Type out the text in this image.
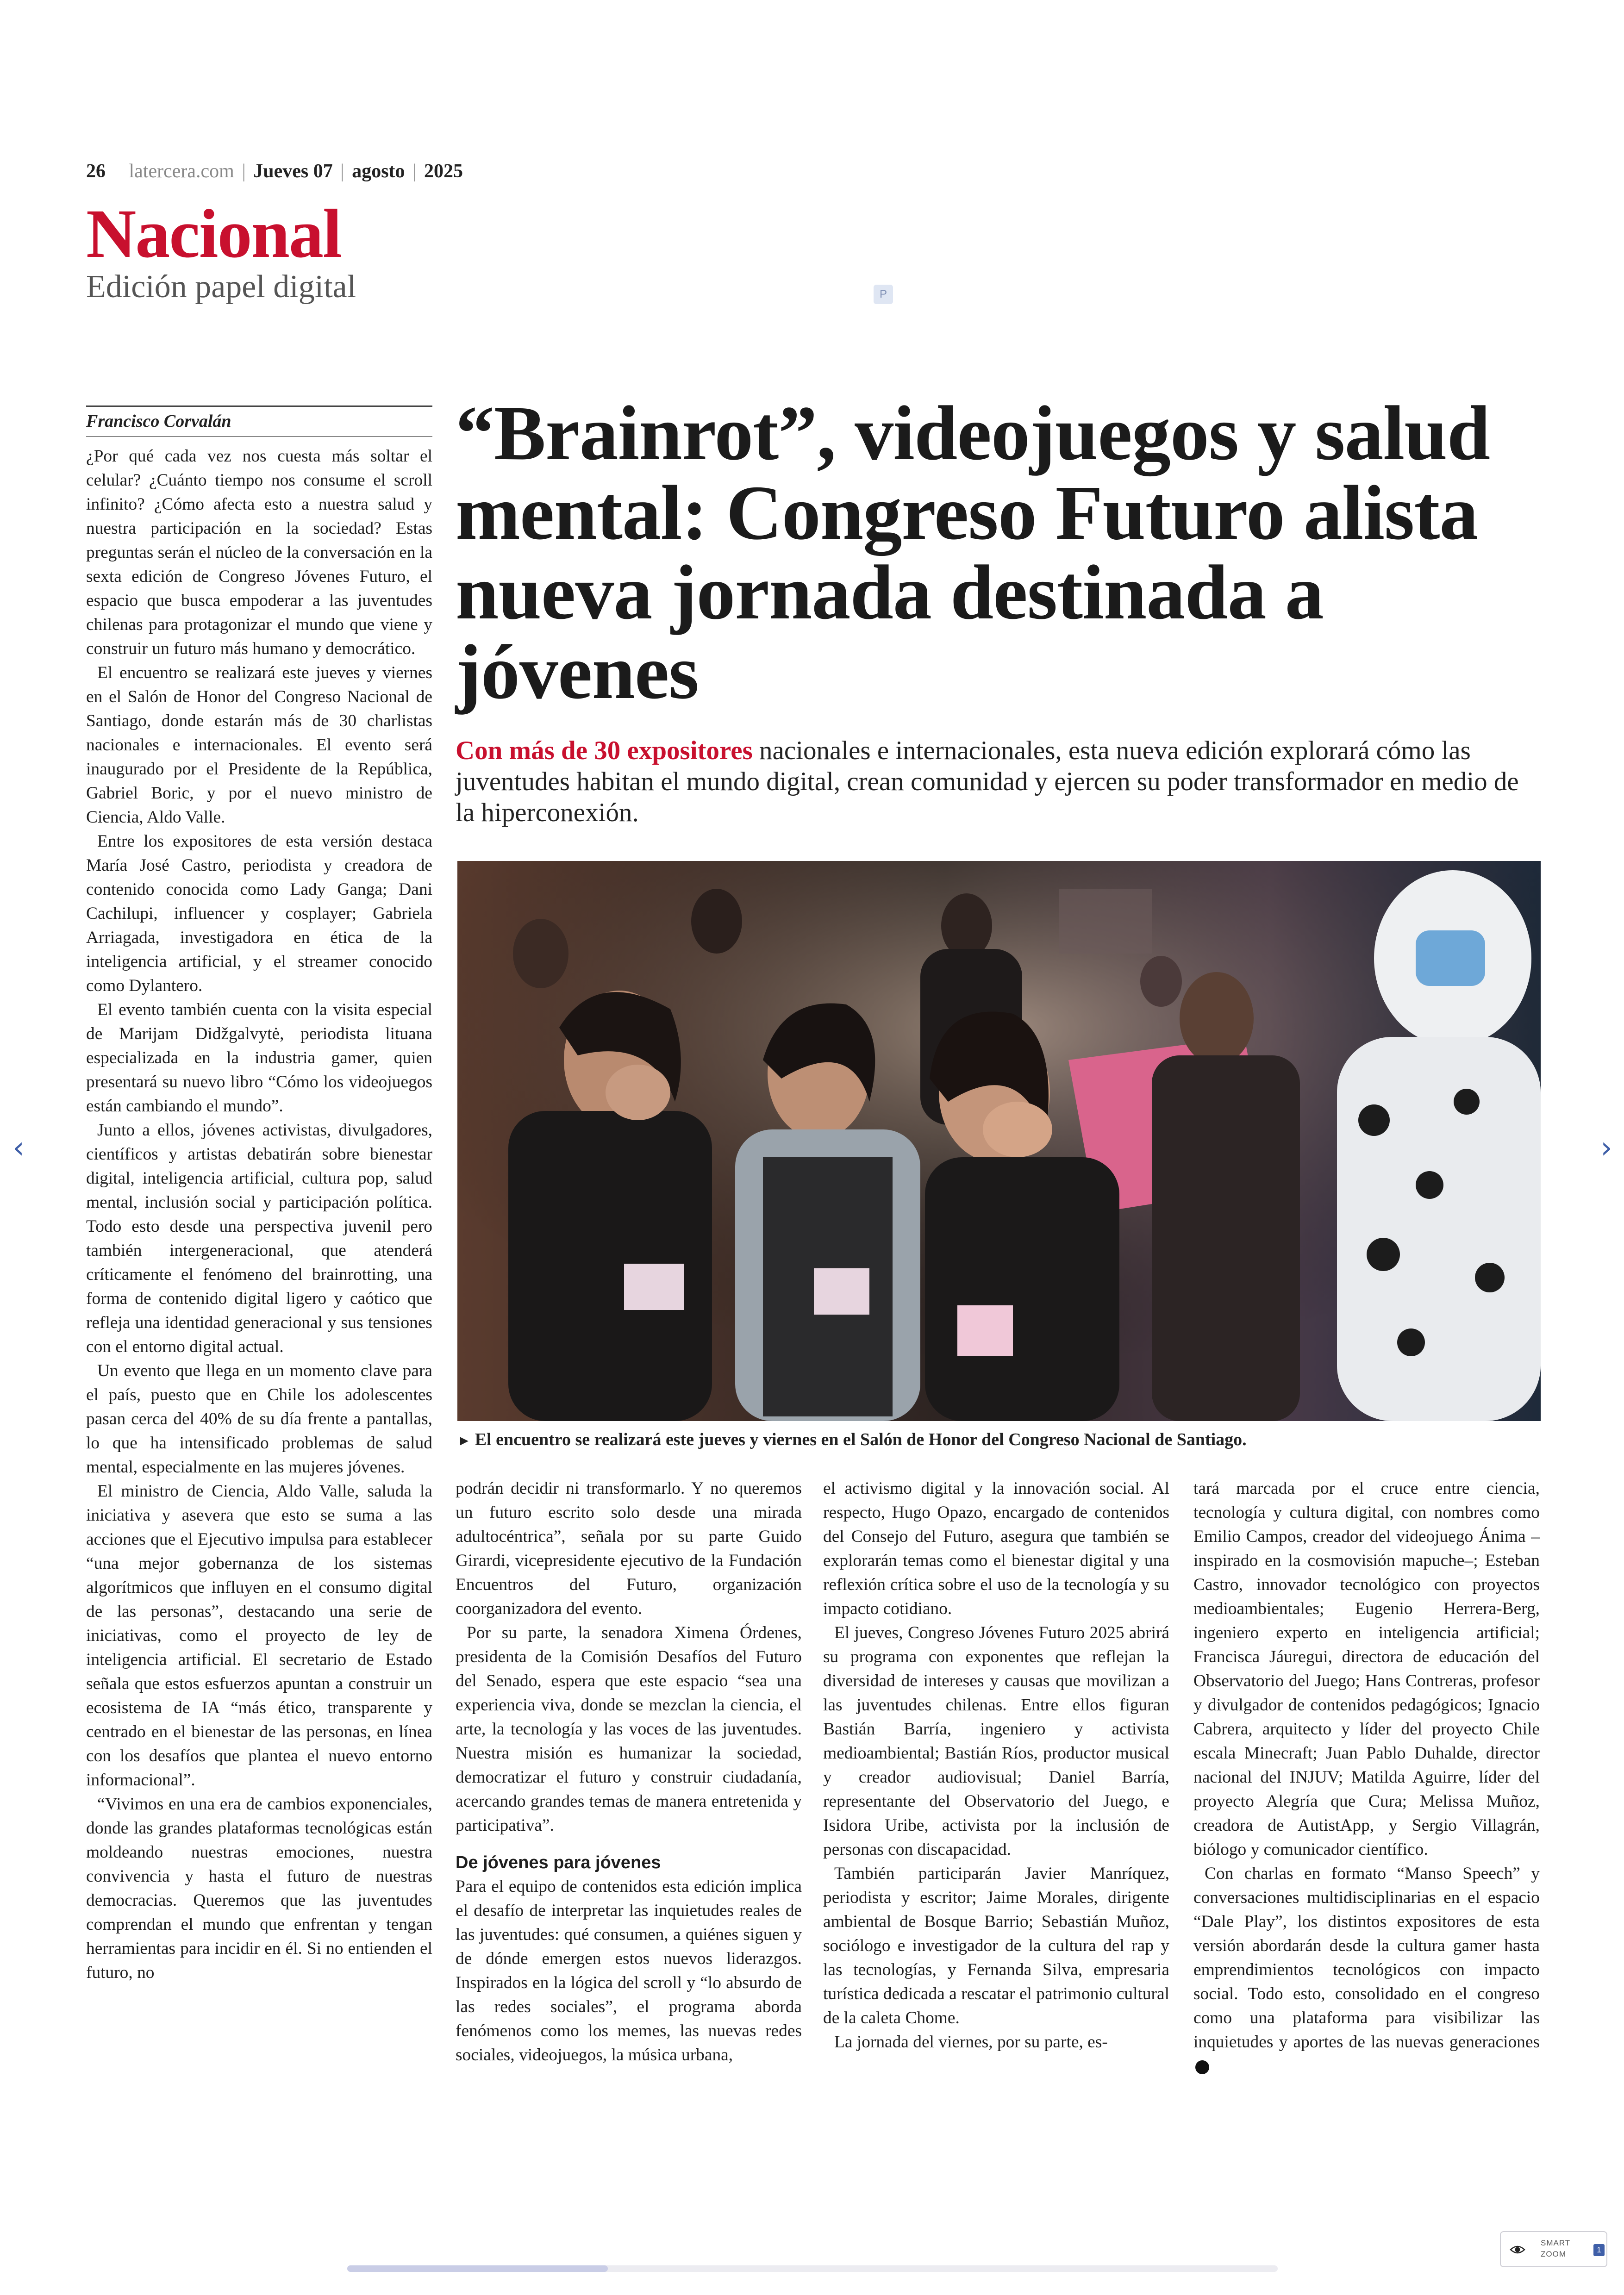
26 latercera.com | Jueves 07 | agosto | 2025
Nacional
Edición papel digital	P
Francisco Corvalán	“Brainrot”, videojuegos y salud mental: Congreso Futuro alista nueva jornada destinada a jóvenes
Con más de 30 expositores nacionales e internacionales, esta nueva edición explorará cómo las juventudes habitan el mundo digital, crean comunidad y ejercen su poder transformador en medio de la hiperconexión.
► El encuentro se realizará este jueves y viernes en el Salón de Honor del Congreso Nacional de Santiago.

¿Por qué cada vez nos cuesta más soltar el celular? ¿Cuánto tiempo nos consume el scroll infinito? ¿Cómo afecta esto a nuestra salud y nuestra participación en la sociedad? Estas preguntas serán el núcleo de la conversación en la sexta edición de Congreso Jóvenes Futuro, el espacio que busca empoderar a las juventudes chilenas para protagonizar el mundo que viene y construir un futuro más humano y democrático.

El encuentro se realizará este jueves y viernes en el Salón de Honor del Congreso Nacional de Santiago, donde estarán más de 30 charlistas nacionales e internacionales. El evento será inaugurado por el Presidente de la República, Gabriel Boric, y por el nuevo ministro de Ciencia, Aldo Valle.

Entre los expositores de esta versión destaca María José Castro, periodista y creadora de contenido conocida como Lady Ganga; Dani Cachilupi, influencer y cosplayer; Gabriela Arriagada, investigadora en ética de la inteligencia artificial, y el streamer conocido como Dylantero.

El evento también cuenta con la visita especial de Marijam Didžgalvytė, periodista lituana especializada en la industria gamer, quien presentará su nuevo libro “Cómo los videojuegos están cambiando el mundo”.

Junto a ellos, jóvenes activistas, divulgadores, científicos y artistas debatirán sobre bienestar digital, inteligencia artificial, cultura pop, salud mental, inclusión social y participación política. Todo esto desde una perspectiva juvenil pero también intergeneracional, que atenderá críticamente el fenómeno del brainrotting, una forma de contenido digital ligero y caótico que refleja una identidad generacional y sus tensiones con el entorno digital actual.

Un evento que llega en un momento clave para el país, puesto que en Chile los adolescentes pasan cerca del 40% de su día frente a pantallas, lo que ha intensificado problemas de salud mental, especialmente en las mujeres jóvenes.

El ministro de Ciencia, Aldo Valle, saluda la iniciativa y asevera que esto se suma a las acciones que el Ejecutivo impulsa para establecer “una mejor gobernanza de los sistemas algorítmicos que influyen en el consumo digital de las personas”, destacando una serie de iniciativas, como el proyecto de ley de inteligencia artificial. El secretario de Estado señala que estos esfuerzos apuntan a construir un ecosistema de IA “más ético, transparente y centrado en el bienestar de las personas, en línea con los desafíos que plantea el nuevo entorno informacional”.

“Vivimos en una era de cambios exponenciales, donde las grandes plataformas tecnológicas están moldeando nuestras emociones, nuestra convivencia y hasta el futuro de nuestras democracias. Queremos que las juventudes comprendan el mundo que enfrentan y tengan herramientas para incidir en él. Si no entienden el futuro, no

podrán decidir ni transformarlo. Y no queremos un futuro escrito solo desde una mirada adultocéntrica”, señala por su parte Guido Girardi, vicepresidente ejecutivo de la Fundación Encuentros del Futuro, organización coorganizadora del evento.

Por su parte, la senadora Ximena Órdenes, presidenta de la Comisión Desafíos del Futuro del Senado, espera que este espacio “sea una experiencia viva, donde se mezclan la ciencia, el arte, la tecnología y las voces de las juventudes. Nuestra misión es humanizar la sociedad, democratizar el futuro y construir ciudadanía, acercando grandes temas de manera entretenida y participativa”.

De jóvenes para jóvenes

Para el equipo de contenidos esta edición implica el desafío de interpretar las inquietudes reales de las juventudes: qué consumen, a quiénes siguen y de dónde emergen estos nuevos liderazgos. Inspirados en la lógica del scroll y “lo absurdo de las redes sociales”, el programa aborda fenómenos como los memes, las nuevas redes sociales, videojuegos, la música urbana,

el activismo digital y la innovación social. Al respecto, Hugo Opazo, encargado de contenidos del Consejo del Futuro, asegura que también se explorarán temas como el bienestar digital y una reflexión crítica sobre el uso de la tecnología y su impacto cotidiano.

El jueves, Congreso Jóvenes Futuro 2025 abrirá su programa con exponentes que reflejan la diversidad de intereses y causas que movilizan a las juventudes chilenas. Entre ellos figuran Bastián Barría, ingeniero y activista medioambiental; Bastián Ríos, productor musical y creador audiovisual; Daniel Barría, representante del Observatorio del Juego, e Isidora Uribe, activista por la inclusión de personas con discapacidad.

También participarán Javier Manríquez, periodista y escritor; Jaime Morales, dirigente ambiental de Bosque Barrio; Sebastián Muñoz, sociólogo e investigador de la cultura del rap y las tecnologías, y Fernanda Silva, empresaria turística dedicada a rescatar el patrimonio cultural de la caleta Chome.

La jornada del viernes, por su parte, es-

tará marcada por el cruce entre ciencia, tecnología y cultura digital, con nombres como Emilio Campos, creador del videojuego Ánima –inspirado en la cosmovisión mapuche–; Esteban Castro, innovador tecnológico con proyectos medioambientales; Eugenio Herrera-Berg, ingeniero experto en inteligencia artificial; Francisca Jáuregui, directora de educación del Observatorio del Juego; Hans Contreras, profesor y divulgador de contenidos pedagógicos; Ignacio Cabrera, arquitecto y líder del proyecto Chile escala Minecraft; Juan Pablo Duhalde, director nacional del INJUV; Matilda Aguirre, líder del proyecto Alegría que Cura; Melissa Muñoz, creadora de AutistApp, y Sergio Villagrán, biólogo y comunicador científico.

Con charlas en formato “Manso Speech” y conversaciones multidisciplinarias en el espacio “Dale Play”, los distintos expositores de esta versión abordarán desde la cultura gamer hasta emprendimientos tecnológicos con impacto social. Todo esto, consolidado en el congreso como una plataforma para visibilizar las inquietudes y aportes de las nuevas generaciones

‹	›
SMART
ZOOM	1
